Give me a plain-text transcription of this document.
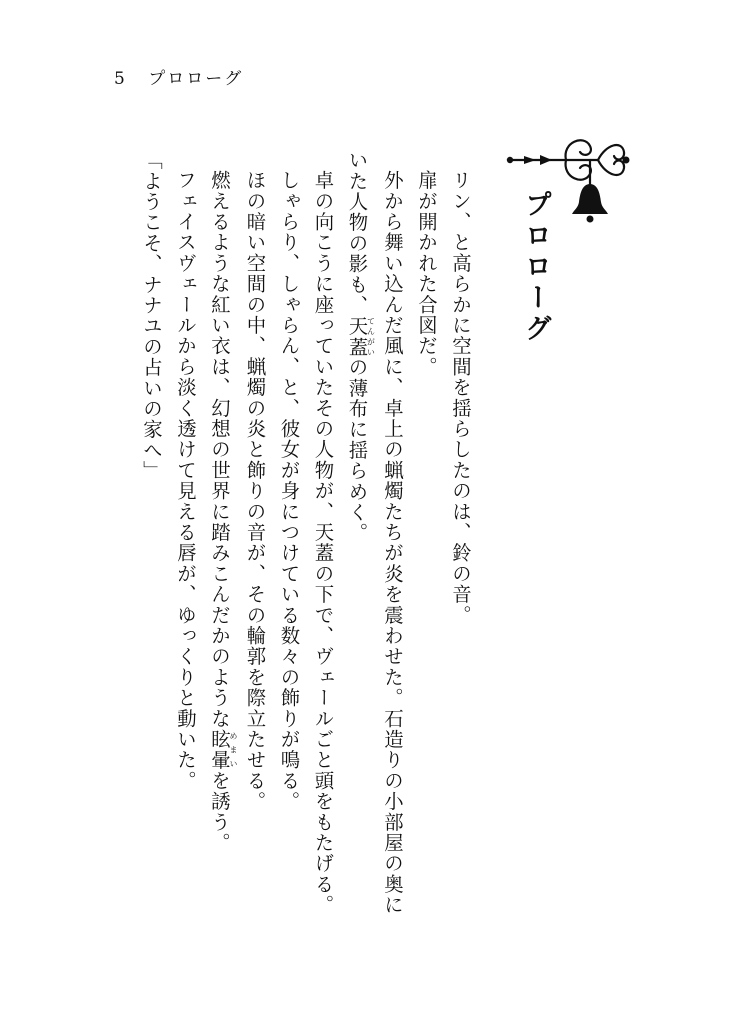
5 プロローグ
プロローグ

リン、と高らかに空間を揺らしたのは、鈴の音。

扉が開かれた合図だ。

外から舞い込んだ風に、卓上の蝋燭たちが炎を震わせた。石造りの小部屋の奥に

いた人物の影も、天蓋てんがいの薄布に揺らめく。

卓の向こうに座っていたその人物が、天蓋の下で、ヴェールごと頭をもたげる。

しゃらり、しゃらん、と、彼女が身につけている数々の飾りが鳴る。

ほの暗い空間の中、蝋燭の炎と飾りの音が、その輪郭を際立たせる。

燃えるような紅い衣は、幻想の世界に踏みこんだかのような眩暈めまいを誘う。

フェイスヴェールから淡く透けて見える唇が、ゆっくりと動いた。

「ようこそ、ナナユの占いの家へ」
